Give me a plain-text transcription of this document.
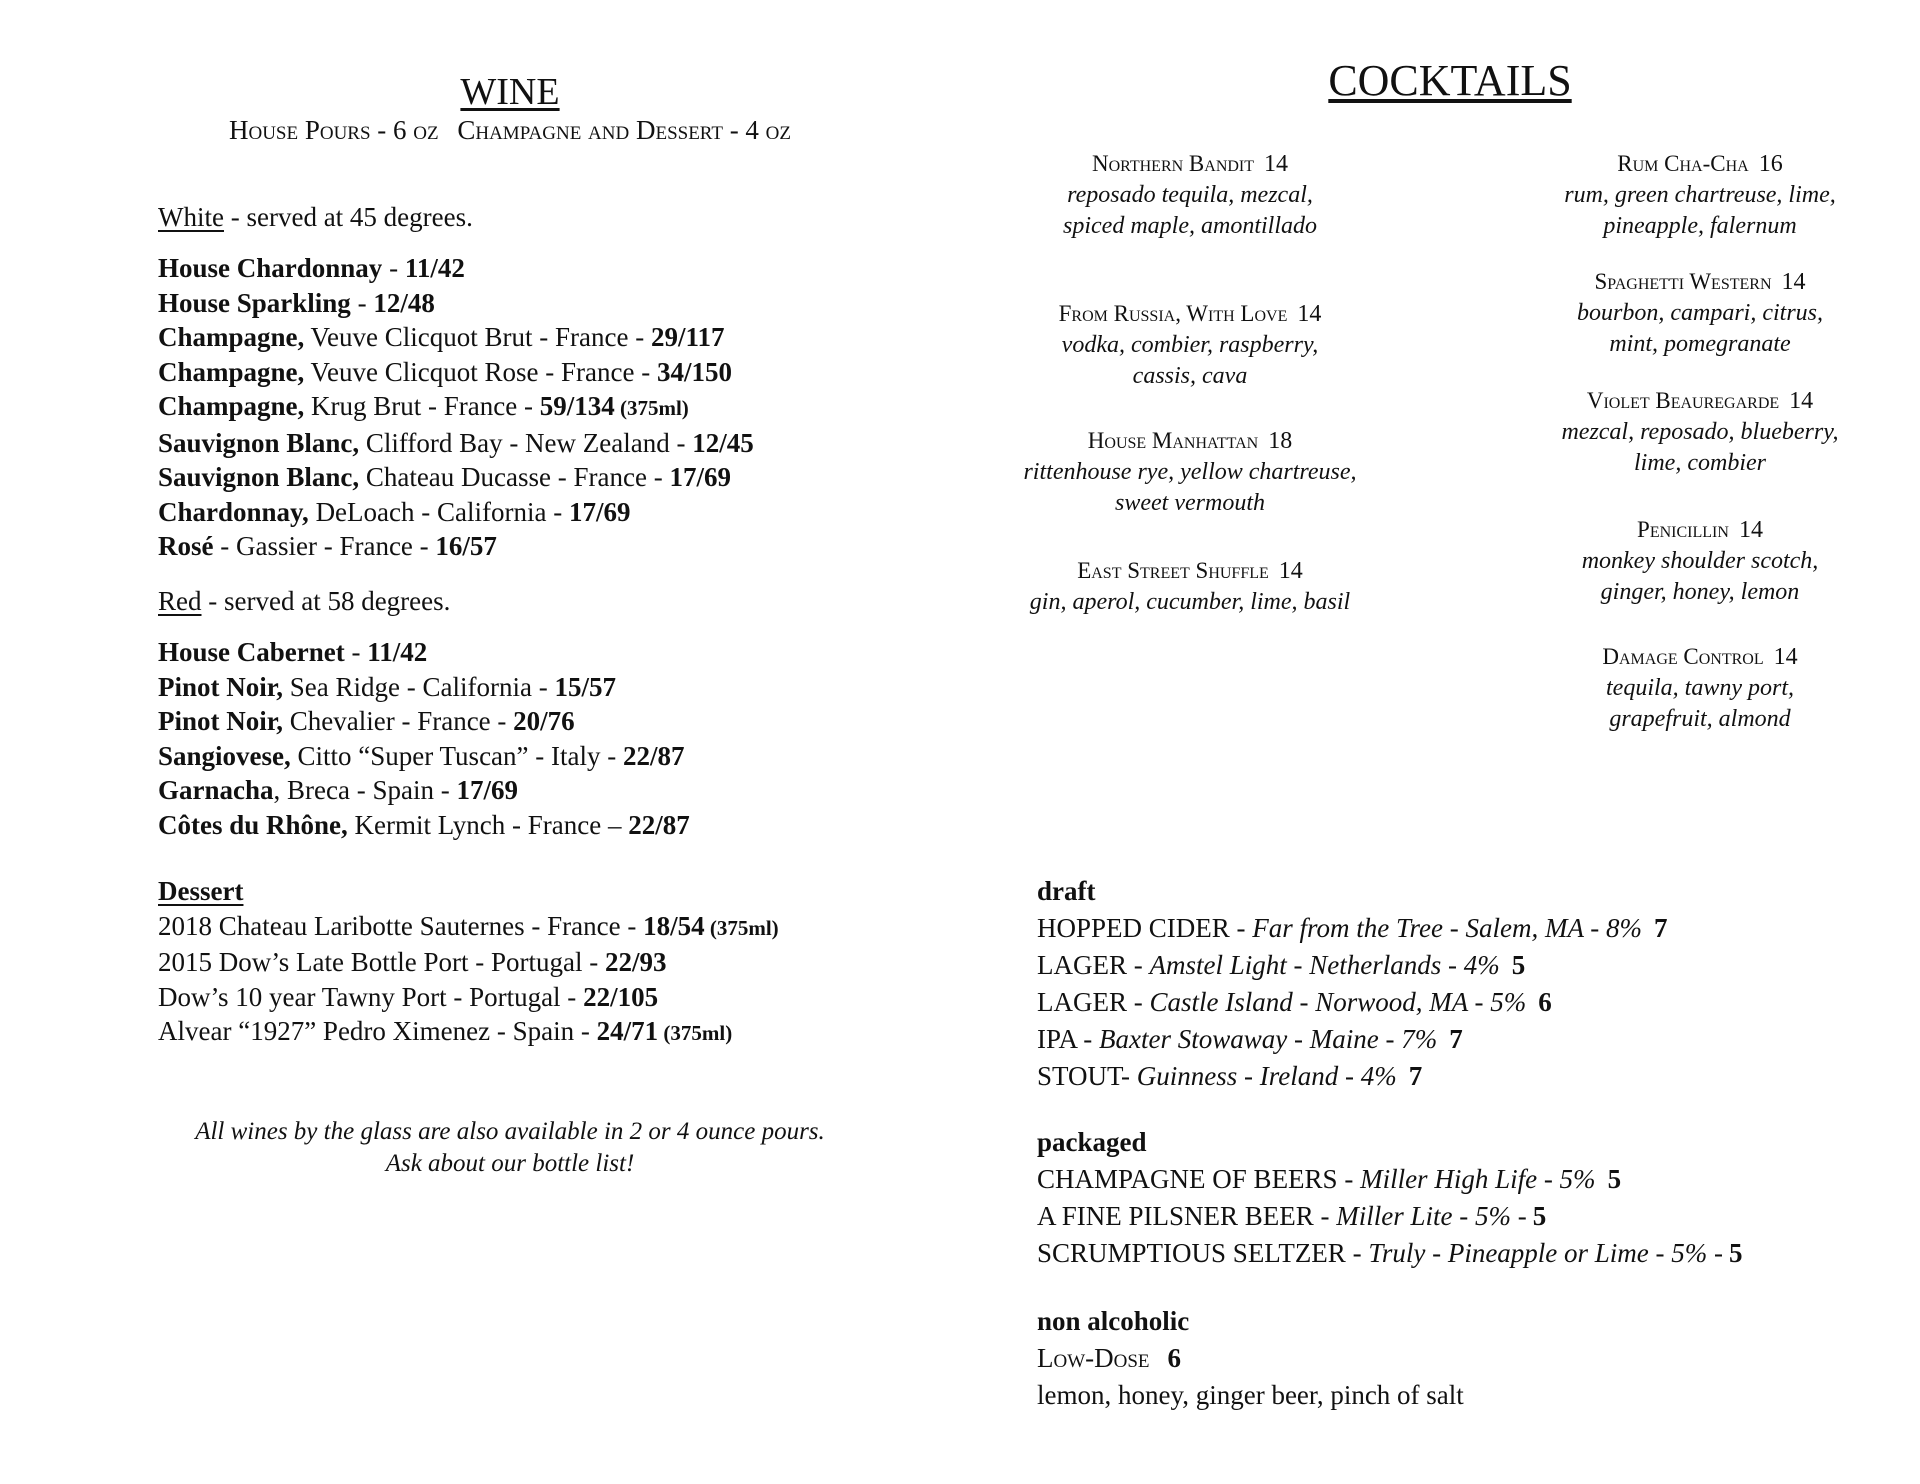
WINE
House Pours - 6 oz Champagne and Dessert - 4 oz
White - served at 45 degrees.
House Chardonnay - 11/42
House Sparkling - 12/48
Champagne, Veuve Clicquot Brut - France - 29/117
Champagne, Veuve Clicquot Rose - France - 34/150
Champagne, Krug Brut - France - 59/134 (375ml)
Sauvignon Blanc, Clifford Bay - New Zealand - 12/45
Sauvignon Blanc, Chateau Ducasse - France - 17/69
Chardonnay, DeLoach - California - 17/69
Rosé - Gassier - France - 16/57
Red - served at 58 degrees.
House Cabernet - 11/42
Pinot Noir, Sea Ridge - California - 15/57
Pinot Noir, Chevalier - France - 20/76
Sangiovese, Citto “Super Tuscan” - Italy - 22/87
Garnacha, Breca - Spain - 17/69
Côtes du Rhône, Kermit Lynch - France – 22/87
Dessert
2018 Chateau Laribotte Sauternes - France - 18/54 (375ml)
2015 Dow’s Late Bottle Port - Portugal - 22/93
Dow’s 10 year Tawny Port - Portugal - 22/105
Alvear “1927” Pedro Ximenez - Spain - 24/71 (375ml)
All wines by the glass are also available in 2 or 4 ounce pours.
Ask about our bottle list!
COCKTAILS
Northern Bandit 14
reposado tequila, mezcal,
spiced maple, amontillado
From Russia, With Love 14
vodka, combier, raspberry,
cassis, cava
House Manhattan 18
rittenhouse rye, yellow chartreuse,
sweet vermouth
East Street Shuffle 14
gin, aperol, cucumber, lime, basil
Rum Cha-Cha 16
rum, green chartreuse, lime,
pineapple, falernum
Spaghetti Western 14
bourbon, campari, citrus,
mint, pomegranate
Violet Beauregarde 14
mezcal, reposado, blueberry,
lime, combier
Penicillin 14
monkey shoulder scotch,
ginger, honey, lemon
Damage Control 14
tequila, tawny port,
grapefruit, almond
draft
HOPPED CIDER - Far from the Tree - Salem, MA - 8% 7
LAGER - Amstel Light - Netherlands - 4% 5
LAGER - Castle Island - Norwood, MA - 5% 6
IPA - Baxter Stowaway - Maine - 7% 7
STOUT- Guinness - Ireland - 4% 7
packaged
CHAMPAGNE OF BEERS - Miller High Life - 5% 5
A FINE PILSNER BEER - Miller Lite - 5% - 5
SCRUMPTIOUS SELTZER - Truly - Pineapple or Lime - 5% - 5
non alcoholic
Low-Dose 6
lemon, honey, ginger beer, pinch of salt
